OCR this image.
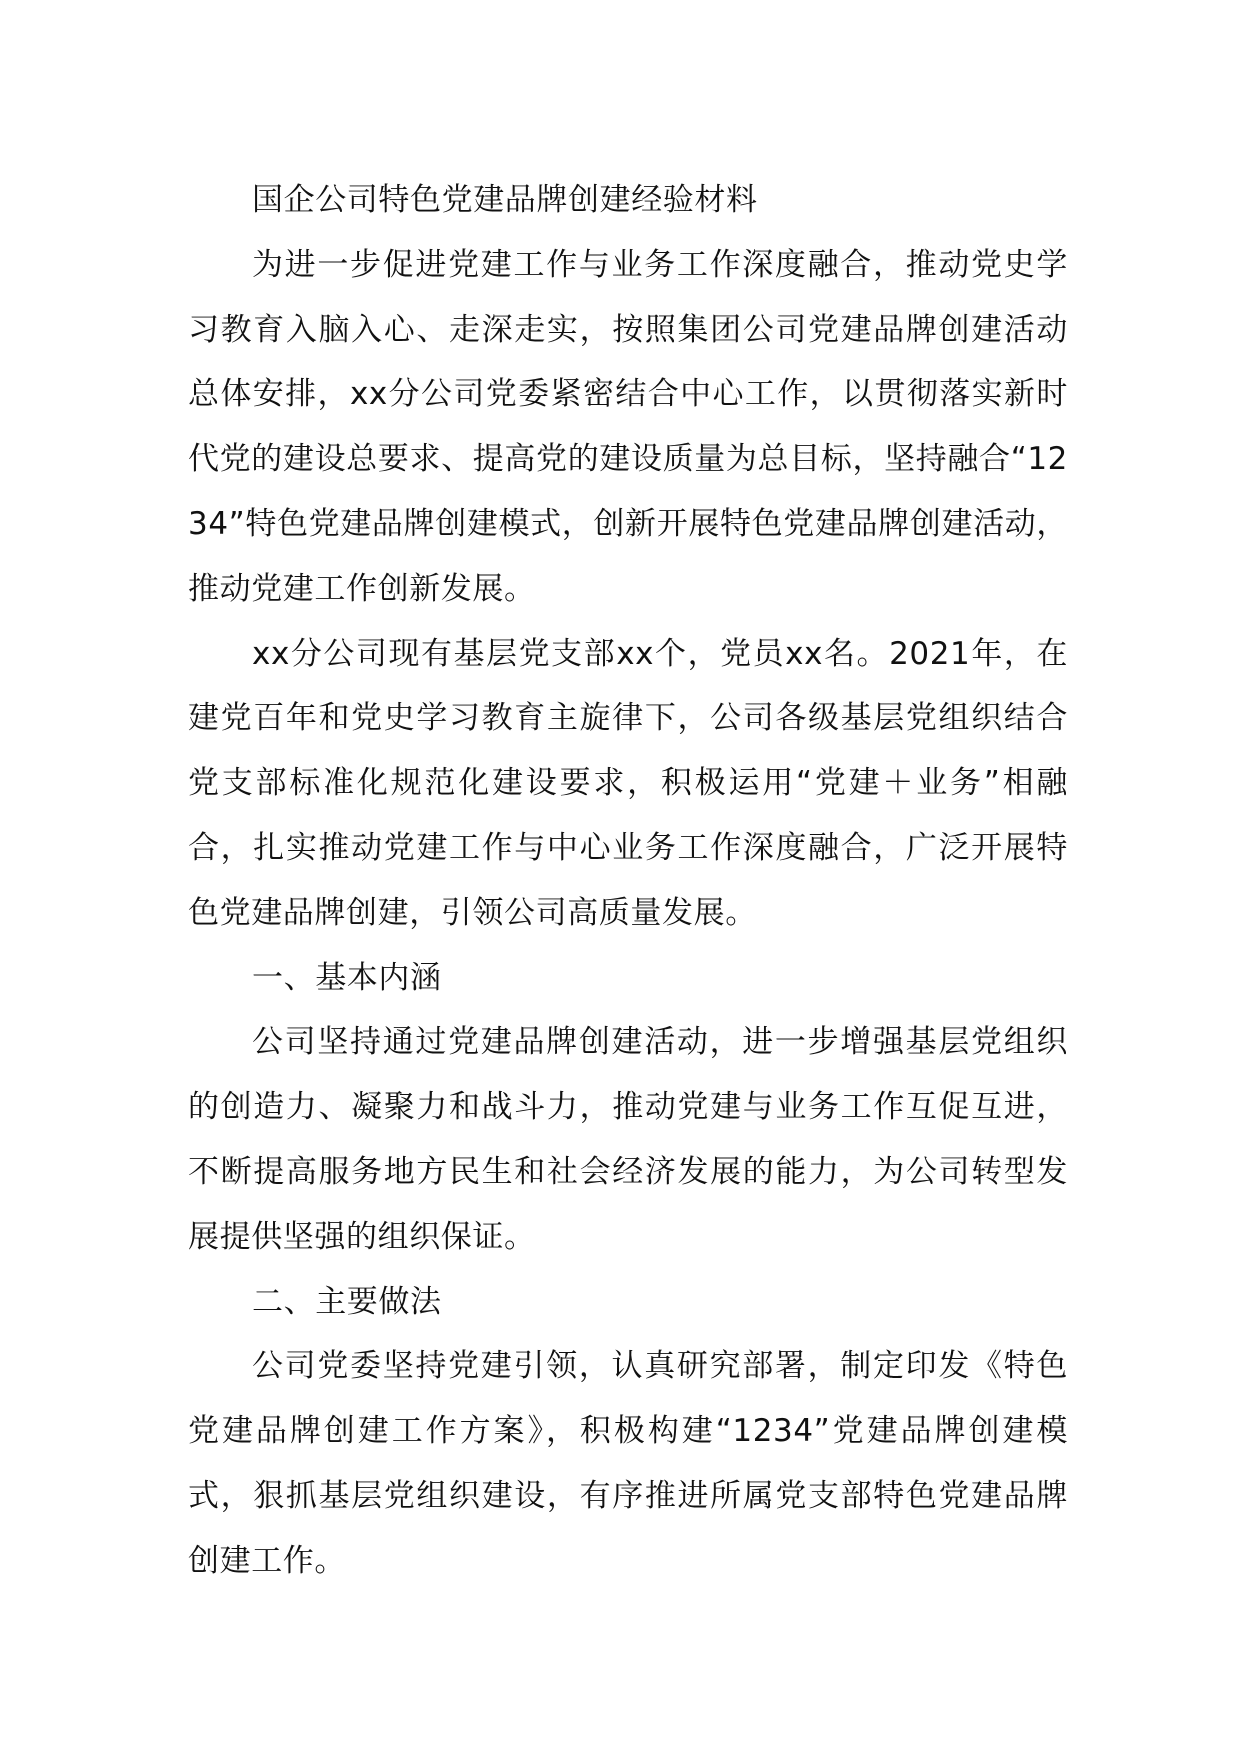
国企公司特色党建品牌创建经验材料

为进一步促进党建工作与业务工作深度融合，推动党史学习教育入脑入心、走深走实，按照集团公司党建品牌创建活动总体安排，xx分公司党委紧密结合中心工作，以贯彻落实新时代党的建设总要求、提高党的建设质量为总目标，坚持融合“1234”特色党建品牌创建模式，创新开展特色党建品牌创建活动，推动党建工作创新发展。

xx分公司现有基层党支部xx个，党员xx名。2021年，在建党百年和党史学习教育主旋律下，公司各级基层党组织结合党支部标准化规范化建设要求，积极运用“党建＋业务”相融合，扎实推动党建工作与中心业务工作深度融合，广泛开展特色党建品牌创建，引领公司高质量发展。

一、基本内涵

公司坚持通过党建品牌创建活动，进一步增强基层党组织的创造力、凝聚力和战斗力，推动党建与业务工作互促互进，不断提高服务地方民生和社会经济发展的能力，为公司转型发展提供坚强的组织保证。

二、主要做法

公司党委坚持党建引领，认真研究部署，制定印发《特色党建品牌创建工作方案》，积极构建“1234”党建品牌创建模式，狠抓基层党组织建设，有序推进所属党支部特色党建品牌创建工作。
